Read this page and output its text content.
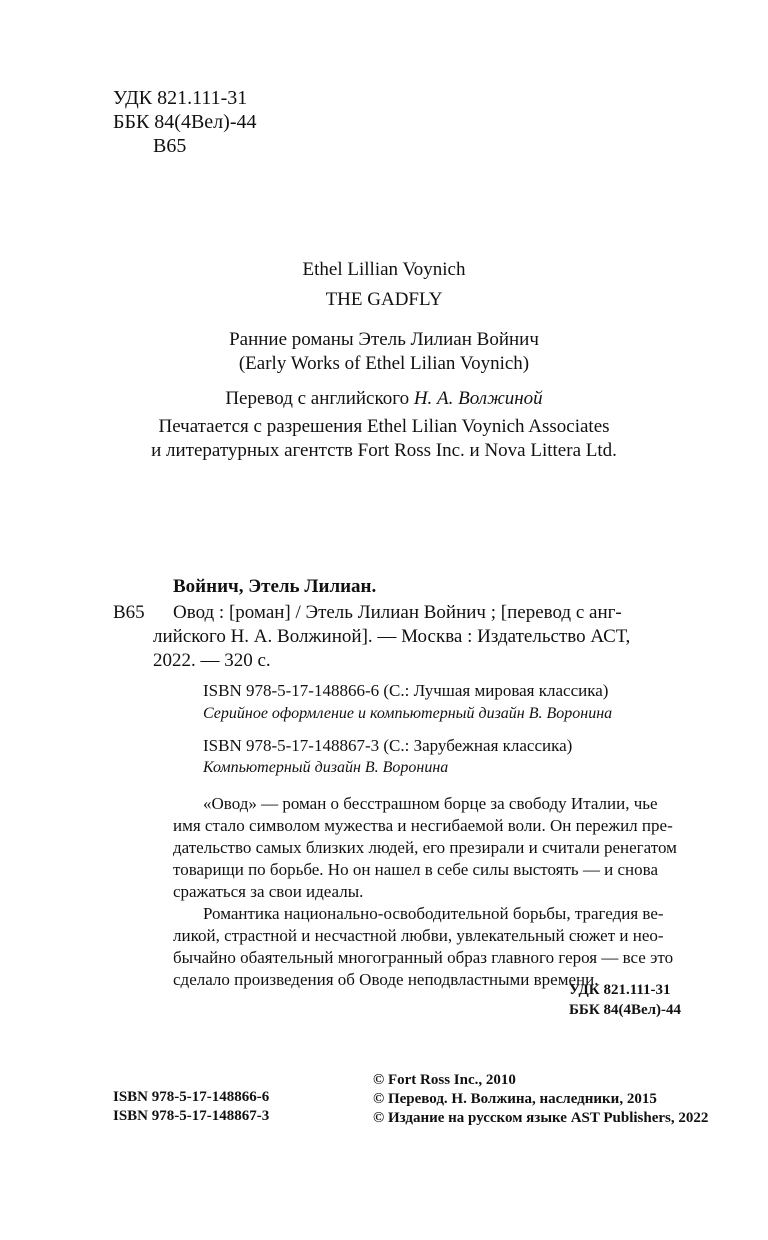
УДК 821.111-31
ББК 84(4Вел)-44
В65
Ethel Lillian Voynich
THE GADFLY
Ранние романы Этель Лилиан Войнич
(Early Works of Ethel Lilian Voynich)
Перевод с английского Н. А. Волжиной
Печатается с разрешения Ethel Lilian Voynich Associates
и литературных агентств Fort Ross Inc. и Nova Littera Ltd.
Войнич, Этель Лилиан.
В65 Овод : [роман] / Этель Лилиан Войнич ; [перевод с анг-
лийского Н. А. Волжиной]. — Москва : Издательство АСТ,
2022. — 320 с.
ISBN 978-5-17-148866-6 (С.: Лучшая мировая классика)
Серийное оформление и компьютерный дизайн В. Воронина
ISBN 978-5-17-148867-3 (С.: Зарубежная классика)
Компьютерный дизайн В. Воронина
«Овод» — роман о бесстрашном борце за свободу Италии, чье
имя стало символом мужества и несгибаемой воли. Он пережил пре-
дательство самых близких людей, его презирали и считали ренегатом
товарищи по борьбе. Но он нашел в себе силы выстоять — и снова
сражаться за свои идеалы.
Романтика национально-освободительной борьбы, трагедия ве-
ликой, страстной и несчастной любви, увлекательный сюжет и нео-
бычайно обаятельный многогранный образ главного героя — все это
сделало произведения об Оводе неподвластными времени.
УДК 821.111-31
ББК 84(4Вел)-44
ISBN 978-5-17-148866-6
ISBN 978-5-17-148867-3
© Fort Ross Inc., 2010
© Перевод. Н. Волжина, наследники, 2015
© Издание на русском языке AST Publishers, 2022
